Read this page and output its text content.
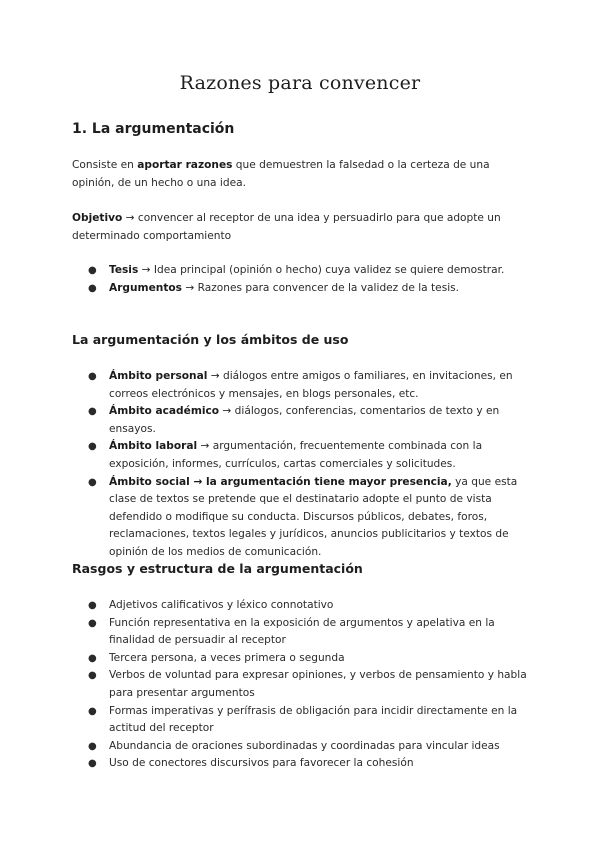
Razones para convencer
1. La argumentación

Consiste en aportar razones que demuestren la falsedad o la certeza de una opinión, de un hecho o una idea.

Objetivo → convencer al receptor de una idea y persuadirlo para que adopte un determinado comportamiento

● Tesis → Idea principal (opinión o hecho) cuya validez se quiere demostrar.
● Argumentos → Razones para convencer de la validez de la tesis.
La argumentación y los ámbitos de uso
● Ámbito personal → diálogos entre amigos o familiares, en invitaciones, en correos electrónicos y mensajes, en blogs personales, etc.
● Ámbito académico → diálogos, conferencias, comentarios de texto y en ensayos.
● Ámbito laboral → argumentación, frecuentemente combinada con la exposición, informes, currículos, cartas comerciales y solicitudes.
● Ámbito social → la argumentación tiene mayor presencia, ya que esta clase de textos se pretende que el destinatario adopte el punto de vista defendido o modifique su conducta. Discursos públicos, debates, foros, reclamaciones, textos legales y jurídicos, anuncios publicitarios y textos de opinión de los medios de comunicación.
Rasgos y estructura de la argumentación
● Adjetivos calificativos y léxico connotativo
● Función representativa en la exposición de argumentos y apelativa en la finalidad de persuadir al receptor
● Tercera persona, a veces primera o segunda
● Verbos de voluntad para expresar opiniones, y verbos de pensamiento y habla para presentar argumentos
● Formas imperativas y perífrasis de obligación para incidir directamente en la actitud del receptor
● Abundancia de oraciones subordinadas y coordinadas para vincular ideas
● Uso de conectores discursivos para favorecer la cohesión
